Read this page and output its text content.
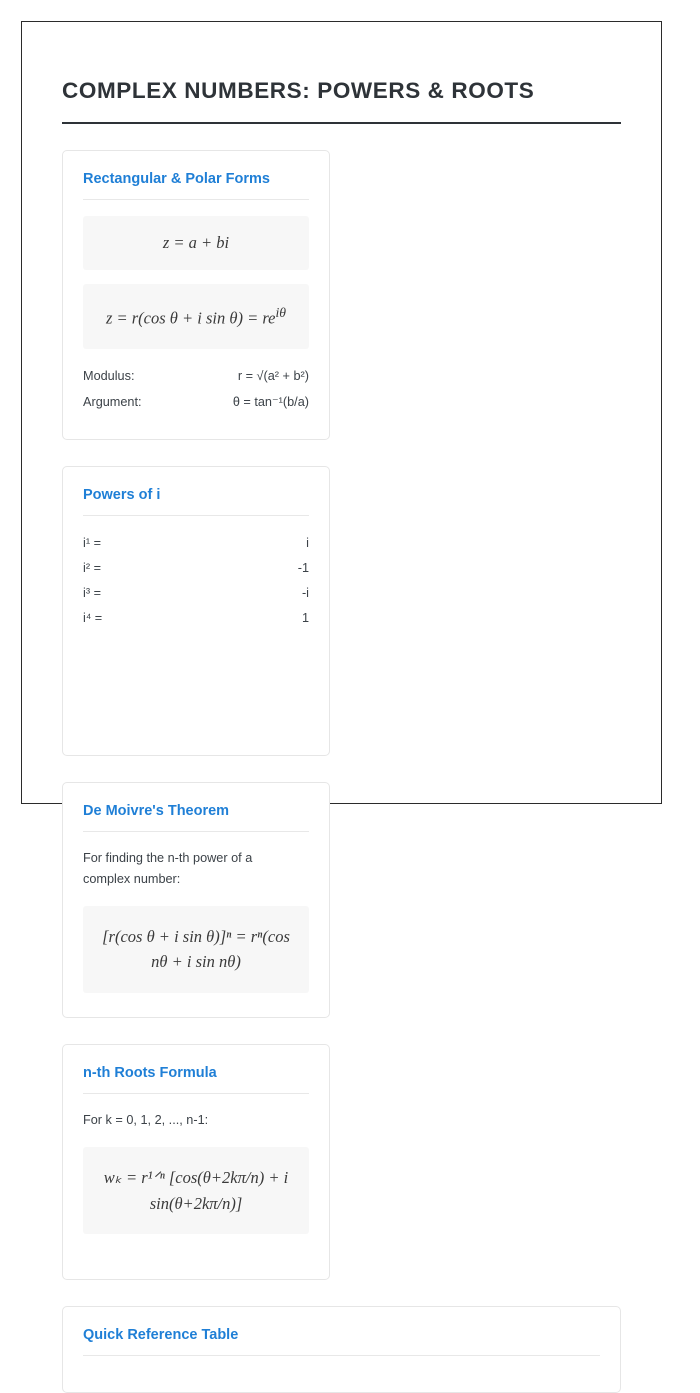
COMPLEX NUMBERS: POWERS & ROOTS
Rectangular & Polar Forms
z = a + bi
z = r(cos θ + i $\sin \theta) = re^{i\theta}$
Modulus:	r = √(a² + b²)
Argument:	θ = tan⁻¹(b/a)
Powers of i
i¹ =	i
i² =	-1
i³ =	-i
i⁴ =	1
De Moivre's Theorem

For finding the n-th power of a complex number:

[r(cos θ + i sin θ)]ⁿ = rⁿ(cos nθ + i sin nθ)
n-th Roots Formula

For k = 0, 1, 2, ..., n-1:

wₖ = r¹ᐟⁿ [cos(θ+2kπ/n) + i sin(θ+2kπ/n)]
Quick Reference Table
